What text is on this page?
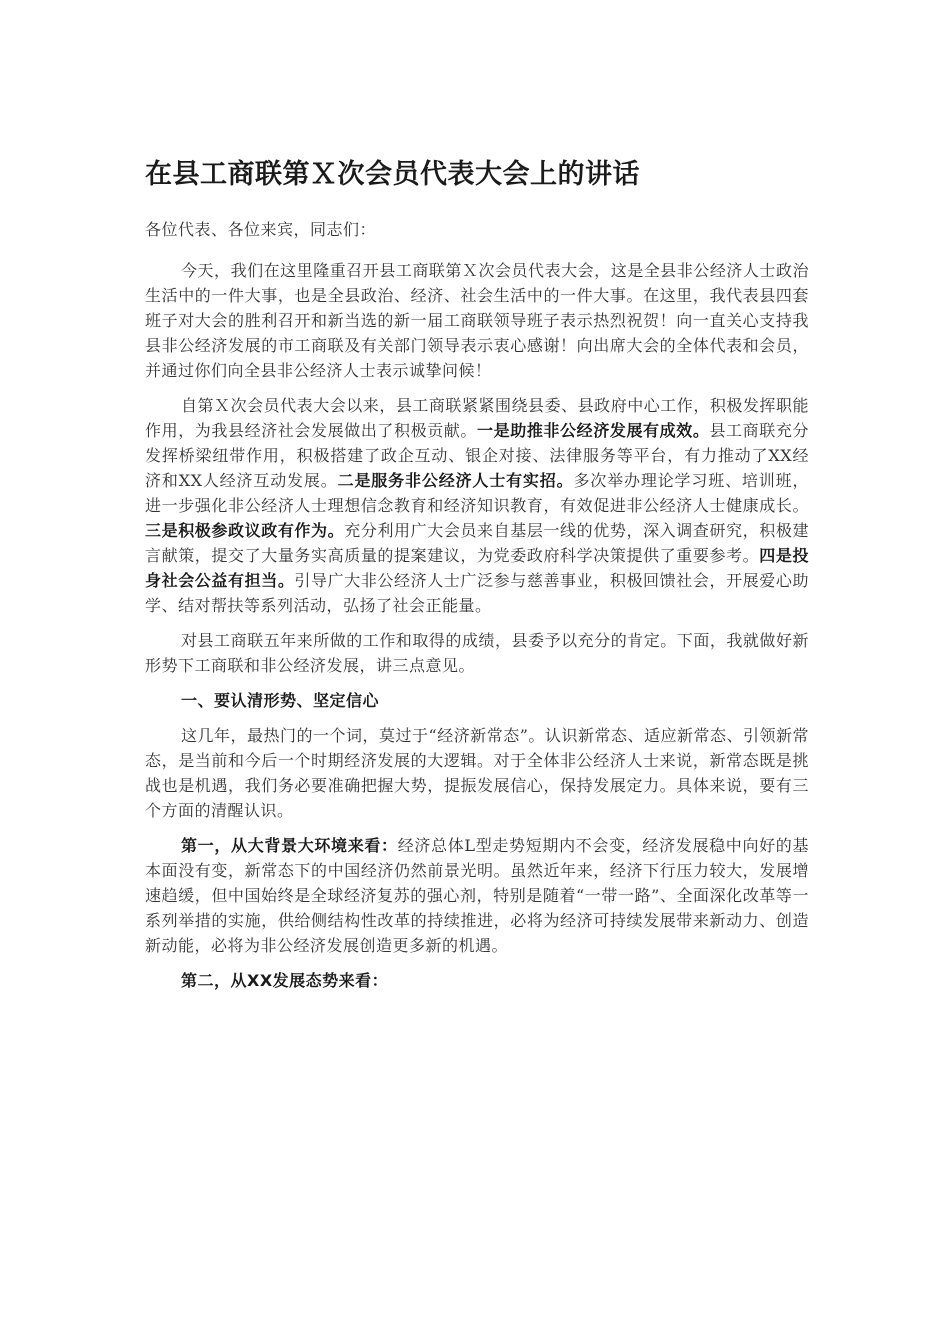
在县工商联第Ｘ次会员代表大会上的讲话

各位代表、各位来宾，同志们：

今天，我们在这里隆重召开县工商联第Ｘ次会员代表大会，这是全县非公经济人士政治生活中的一件大事，也是全县政治、经济、社会生活中的一件大事。在这里，我代表县四套班子对大会的胜利召开和新当选的新一届工商联领导班子表示热烈祝贺！向一直关心支持我县非公经济发展的市工商联及有关部门领导表示衷心感谢！向出席大会的全体代表和会员，并通过你们向全县非公经济人士表示诚挚问候！

自第Ｘ次会员代表大会以来，县工商联紧紧围绕县委、县政府中心工作，积极发挥职能作用，为我县经济社会发展做出了积极贡献。一是助推非公经济发展有成效。县工商联充分发挥桥梁纽带作用，积极搭建了政企互动、银企对接、法律服务等平台，有力推动了XX经济和XX人经济互动发展。二是服务非公经济人士有实招。多次举办理论学习班、培训班，进一步强化非公经济人士理想信念教育和经济知识教育，有效促进非公经济人士健康成长。三是积极参政议政有作为。充分利用广大会员来自基层一线的优势，深入调查研究，积极建言献策，提交了大量务实高质量的提案建议，为党委政府科学决策提供了重要参考。四是投身社会公益有担当。引导广大非公经济人士广泛参与慈善事业，积极回馈社会，开展爱心助学、结对帮扶等系列活动，弘扬了社会正能量。

对县工商联五年来所做的工作和取得的成绩，县委予以充分的肯定。下面，我就做好新形势下工商联和非公经济发展，讲三点意见。

一、要认清形势、坚定信心

这几年，最热门的一个词，莫过于“经济新常态”。认识新常态、适应新常态、引领新常态，是当前和今后一个时期经济发展的大逻辑。对于全体非公经济人士来说，新常态既是挑战也是机遇，我们务必要准确把握大势，提振发展信心，保持发展定力。具体来说，要有三个方面的清醒认识。

第一，从大背景大环境来看：经济总体L型走势短期内不会变，经济发展稳中向好的基本面没有变，新常态下的中国经济仍然前景光明。虽然近年来，经济下行压力较大，发展增速趋缓，但中国始终是全球经济复苏的强心剂，特别是随着“一带一路”、全面深化改革等一系列举措的实施，供给侧结构性改革的持续推进，必将为经济可持续发展带来新动力、创造新动能，必将为非公经济发展创造更多新的机遇。

第二，从XX发展态势来看：
